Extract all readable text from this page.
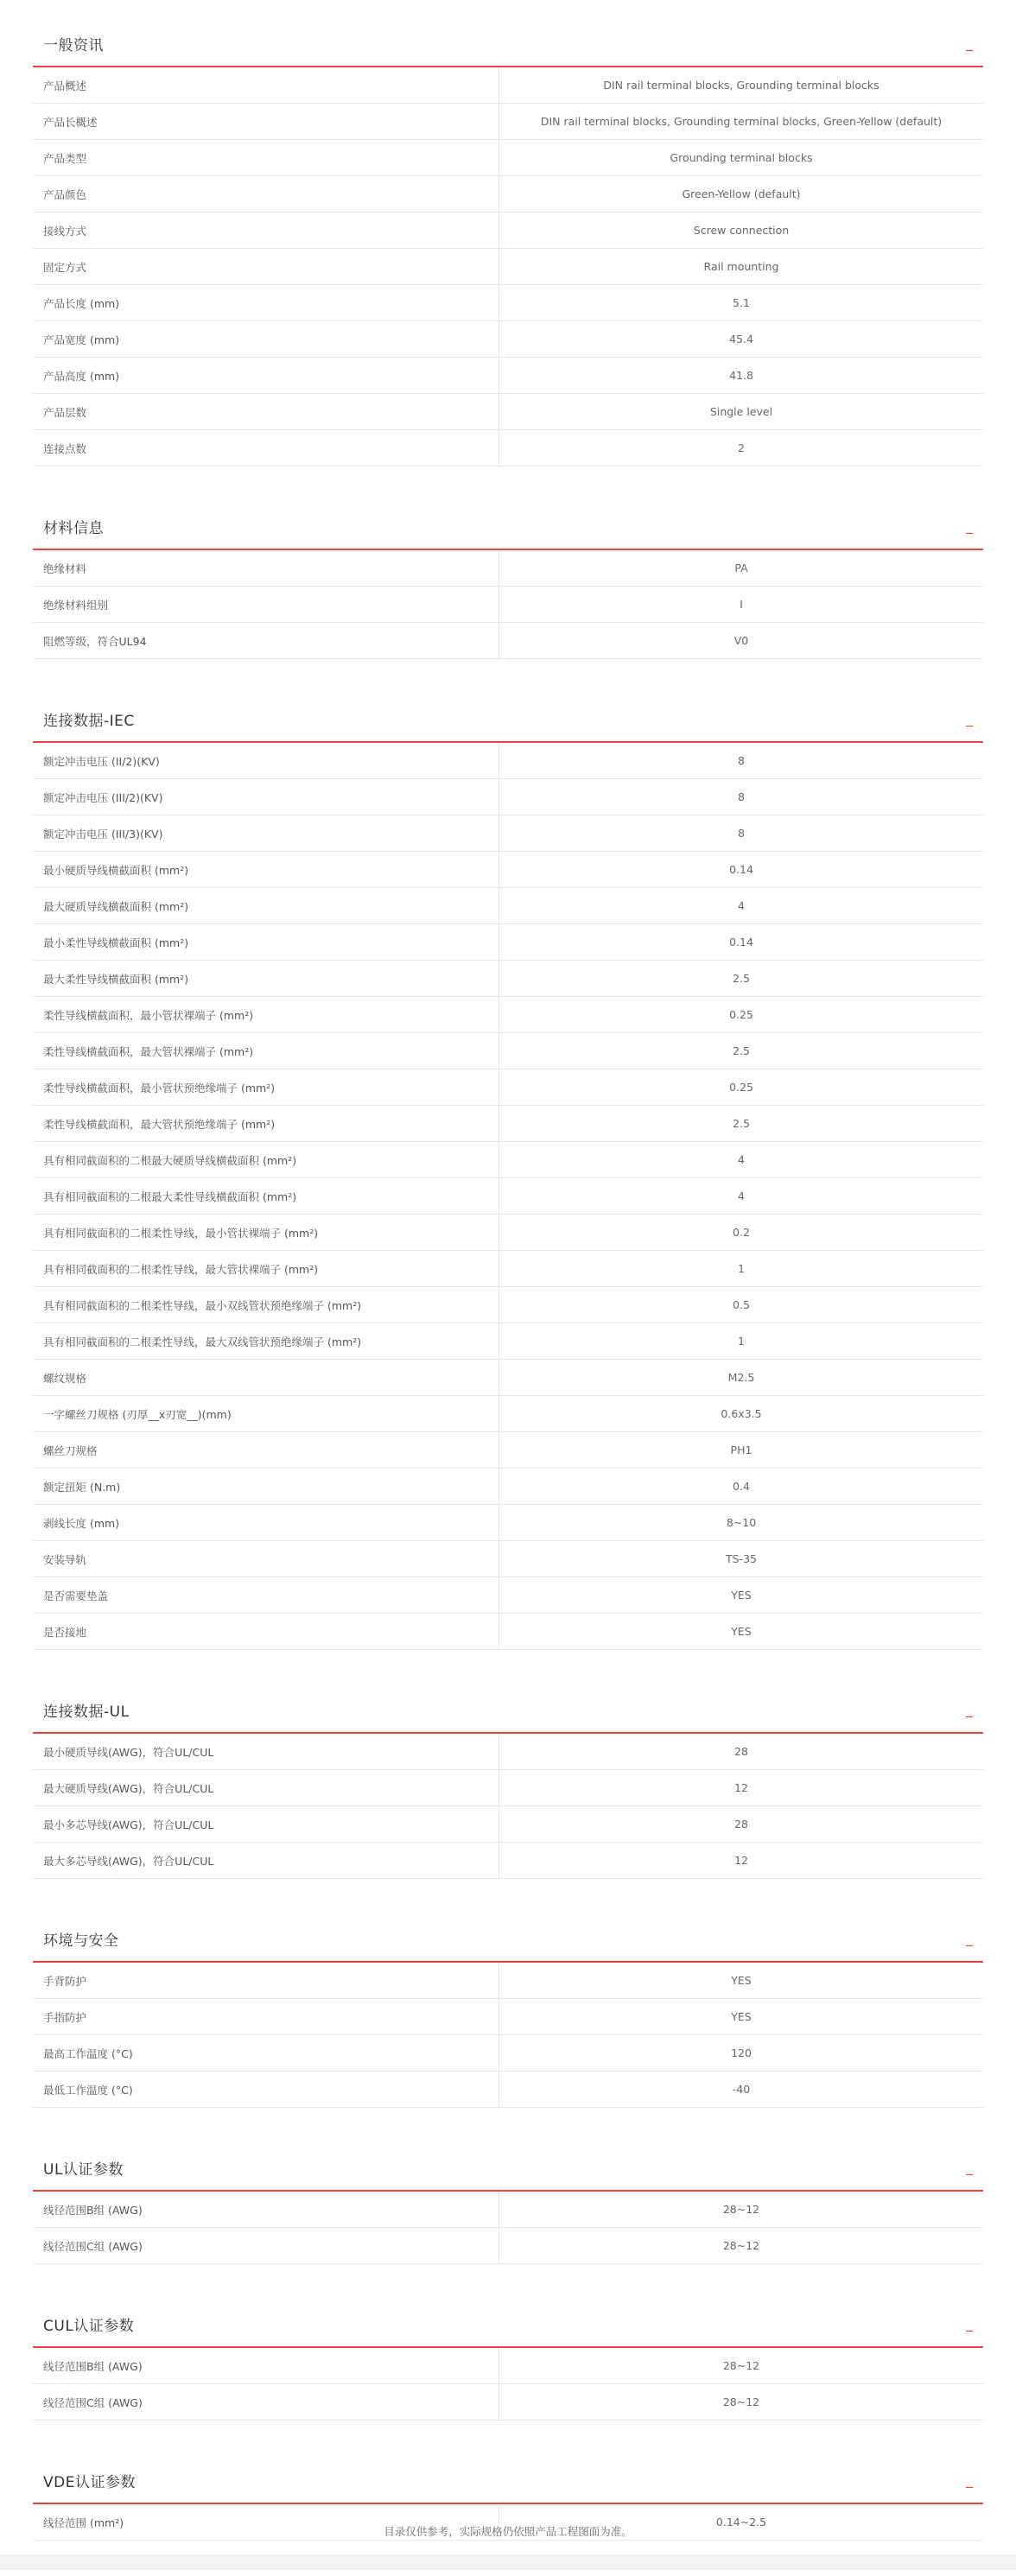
一般资讯	_
产品概述	DIN rail terminal blocks, Grounding terminal blocks
产品长概述	DIN rail terminal blocks, Grounding terminal blocks, Green-Yellow (default)
产品类型	Grounding terminal blocks
产品颜色	Green-Yellow (default)
接线方式	Screw connection
固定方式	Rail mounting
产品长度 (mm)	5.1
产品宽度 (mm)	45.4
产品高度 (mm)	41.8
产品层数	Single level
连接点数	2
材料信息	_
绝缘材料	PA
绝缘材料组别	I
阻燃等级，符合UL94	V0
连接数据-IEC	_
额定冲击电压 (II/2)(KV)	8
额定冲击电压 (III/2)(KV)	8
额定冲击电压 (III/3)(KV)	8
最小硬质导线横截面积 (mm²)	0.14
最大硬质导线横截面积 (mm²)	4
最小柔性导线横截面积 (mm²)	0.14
最大柔性导线横截面积 (mm²)	2.5
柔性导线横截面积，最小管状裸端子 (mm²)	0.25
柔性导线横截面积，最大管状裸端子 (mm²)	2.5
柔性导线横截面积，最小管状预绝缘端子 (mm²)	0.25
柔性导线横截面积，最大管状预绝缘端子 (mm²)	2.5
具有相同截面积的二根最大硬质导线横截面积 (mm²)	4
具有相同截面积的二根最大柔性导线横截面积 (mm²)	4
具有相同截面积的二根柔性导线，最小管状裸端子 (mm²)	0.2
具有相同截面积的二根柔性导线，最大管状裸端子 (mm²)	1
具有相同截面积的二根柔性导线，最小双线管状预绝缘端子 (mm²)	0.5
具有相同截面积的二根柔性导线，最大双线管状预绝缘端子 (mm²)	1
螺纹规格	M2.5
一字螺丝刀规格 (刃厚__x刃宽__)(mm)	0.6x3.5
螺丝刀规格	PH1
额定扭矩 (N.m)	0.4
剥线长度 (mm)	8~10
安装导轨	TS-35
是否需要垫盖	YES
是否接地	YES
连接数据-UL	_
最小硬质导线(AWG)，符合UL/CUL	28
最大硬质导线(AWG)，符合UL/CUL	12
最小多芯导线(AWG)，符合UL/CUL	28
最大多芯导线(AWG)，符合UL/CUL	12
环境与安全	_
手背防护	YES
手指防护	YES
最高工作温度 (°C)	120
最低工作温度 (°C)	-40
UL认证参数	_
线径范围B组 (AWG)	28~12
线径范围C组 (AWG)	28~12
CUL认证参数	_
线径范围B组 (AWG)	28~12
线径范围C组 (AWG)	28~12
VDE认证参数	_
线径范围 (mm²)	0.14~2.5
目录仅供参考，实际规格仍依照产品工程图面为准。
